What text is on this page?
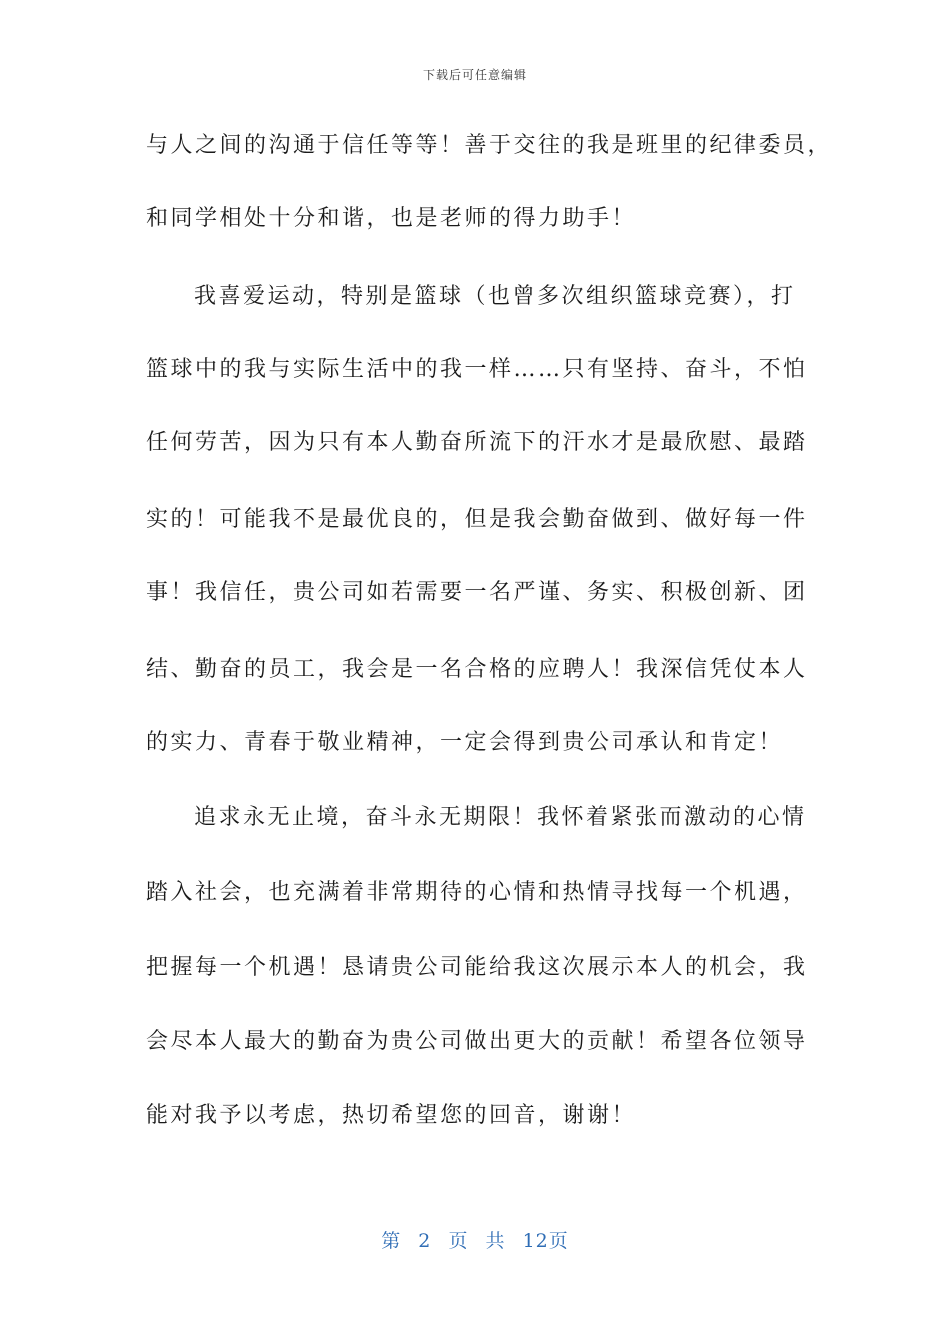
下载后可任意编辑
与人之间的沟通于信任等等！善于交往的我是班里的纪律委员，
和同学相处十分和谐，也是老师的得力助手！
我喜爱运动，特别是篮球（也曾多次组织篮球竞赛），打
篮球中的我与实际生活中的我一样……只有坚持、奋斗，不怕
任何劳苦，因为只有本人勤奋所流下的汗水才是最欣慰、最踏
实的！可能我不是最优良的，但是我会勤奋做到、做好每一件
事！我信任，贵公司如若需要一名严谨、务实、积极创新、团
结、勤奋的员工，我会是一名合格的应聘人！我深信凭仗本人
的实力、青春于敬业精神，一定会得到贵公司承认和肯定！
追求永无止境，奋斗永无期限！我怀着紧张而激动的心情
踏入社会，也充满着非常期待的心情和热情寻找每一个机遇，
把握每一个机遇！恳请贵公司能给我这次展示本人的机会，我
会尽本人最大的勤奋为贵公司做出更大的贡献！希望各位领导
能对我予以考虑，热切希望您的回音，谢谢！
第 2 页 共 12页
